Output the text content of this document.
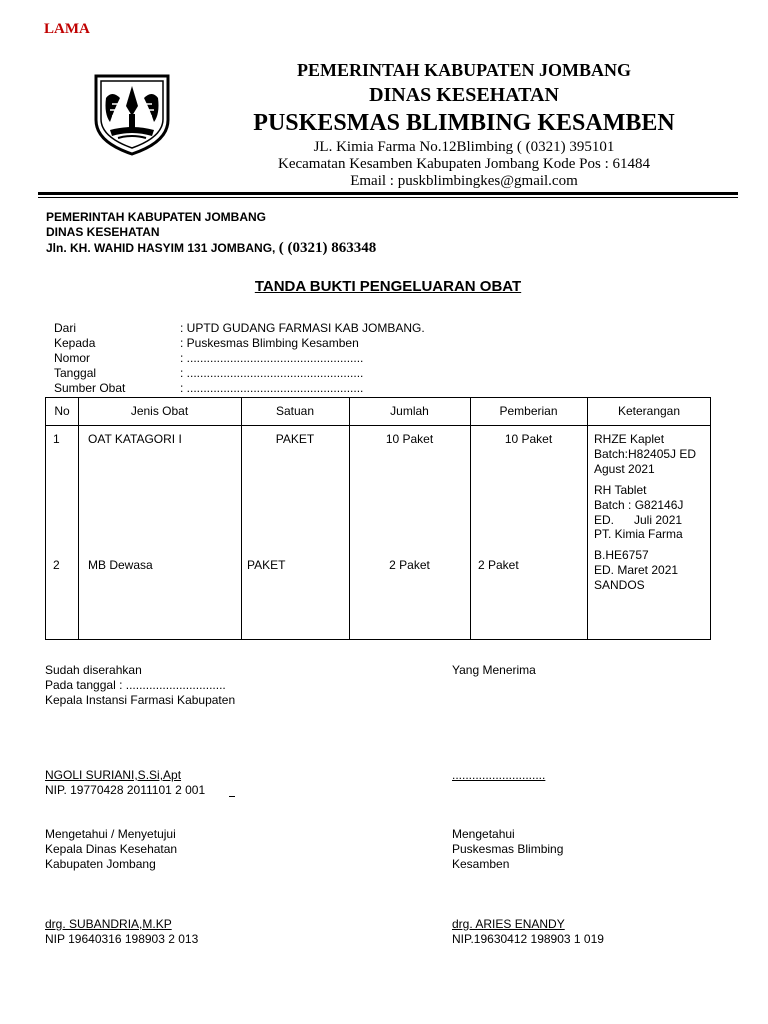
LAMA
PEMERINTAH KABUPATEN JOMBANG
DINAS KESEHATAN
PUSKESMAS BLIMBING KESAMBEN
JL. Kimia Farma No.12Blimbing ( (0321) 395101
Kecamatan Kesamben Kabupaten Jombang Kode Pos : 61484
Email : puskblimbingkes@gmail.com
PEMERINTAH KABUPATEN JOMBANG
DINAS KESEHATAN
Jln. KH. WAHID HASYIM 131 JOMBANG, ( (0321) 863348
TANDA BUKTI PENGELUARAN OBAT
Dari	: UPTD GUDANG FARMASI KAB JOMBANG.
Kepada	: Puskesmas Blimbing Kesamben
Nomor	: .....................................................
Tanggal	: .....................................................
Sumber Obat	: .....................................................
No	Jenis Obat	Satuan	Jumlah	Pemberian	Keterangan
1 OAT KATAGORI I	PAKET	10 Paket	10 Paket	RHZE Kaplet
Batch:H82405J ED
Agust 2021
RH Tablet
Batch : G82146J
ED.      Juli 2021
PT. Kimia Farma
2 MB Dewasa	PAKET	2 Paket	2 Paket
B.HE6757
ED. Maret 2021
SANDOS
Sudah diserahkan
Pada tanggal : ..............................
Kepala Instansi Farmasi Kabupaten
NGOLI SURIANI,S.Si,Apt
NIP. 19770428 2011101 2 001
Yang Menerima
............................
Mengetahui / Menyetujui
Kepala Dinas Kesehatan
Kabupaten Jombang
drg. SUBANDRIA,M.KP
NIP 19640316 198903 2 013
Mengetahui
Puskesmas Blimbing
Kesamben
drg. ARIES ENANDY
NIP.19630412 198903 1 019
